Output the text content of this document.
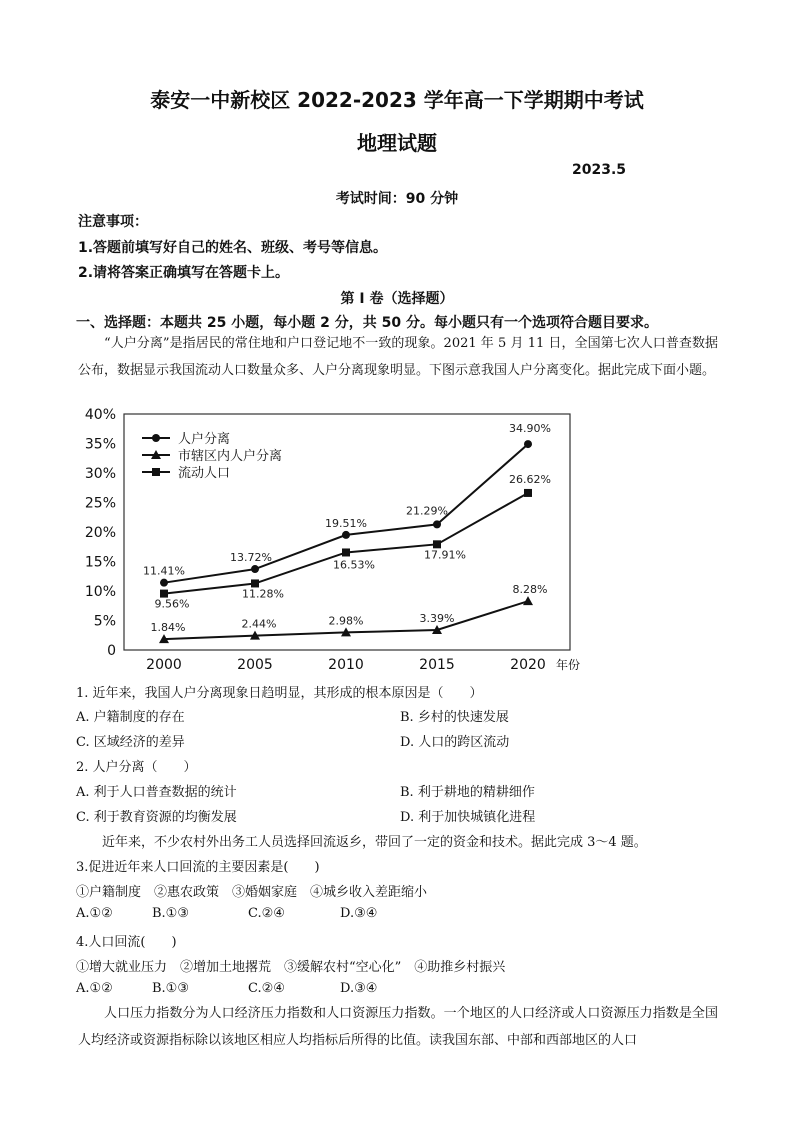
泰安一中新校区 2022-2023 学年高一下学期期中考试
地理试题
2023.5
考试时间：90 分钟
注意事项：
1.答题前填写好自己的姓名、班级、考号等信息。
2.请将答案正确填写在答题卡上。
第 I 卷（选择题）
一、选择题：本题共 25 小题，每小题 2 分，共 50 分。每小题只有一个选项符合题目要求。
“人户分离”是指居民的常住地和户口登记地不一致的现象。2021 年 5 月 11 日，全国第七次人口普查数据公布，数据显示我国流动人口数量众多、人户分离现象明显。下图示意我国人户分离变化。据此完成下面小题。
40%
35%
30%
25%
20%
15%
10%
5%
0
2000	2005	2010	2015	2020 年份
11.41%
13.72%
19.51%
21.29%
34.90%
1.84%	2.44%	2.98%	3.39%
8.28%
9.56%
11.28%
16.53%
17.91%
26.62%
人户分离
市辖区内人户分离
流动人口
1. 近年来，我国人户分离现象日趋明显，其形成的根本原因是（　　）
A. 户籍制度的存在	B. 乡村的快速发展
C. 区域经济的差异	D. 人口的跨区流动
2. 人户分离（　　）
A. 利于人口普查数据的统计	B. 利于耕地的精耕细作
C. 利于教育资源的均衡发展	D. 利于加快城镇化进程
近年来，不少农村外出务工人员选择回流返乡，带回了一定的资金和技术。据此完成 3～4 题。
3.促进近年来人口回流的主要因素是(　　)
①户籍制度　②惠农政策　③婚姻家庭　④城乡收入差距缩小
A.①②	B.①③	C.②④	D.③④
4.人口回流(　　)
①增大就业压力　②增加土地撂荒　③缓解农村“空心化”　④助推乡村振兴
A.①②	B.①③	C.②④	D.③④
人口压力指数分为人口经济压力指数和人口资源压力指数。一个地区的人口经济或人口资源压力指数是全国人均经济或资源指标除以该地区相应人均指标后所得的比值。读我国东部、中部和西部地区的人口
